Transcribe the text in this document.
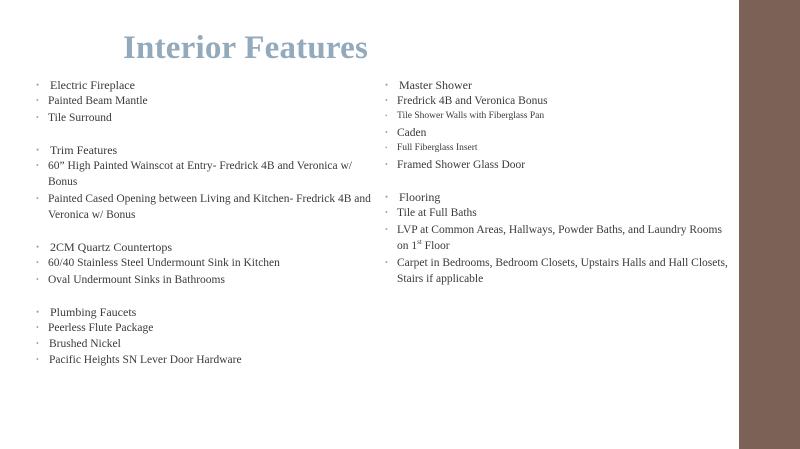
Interior Features
• Electric Fireplace
• Painted Beam Mantle
• Tile Surround
• Trim Features
• 60” High Painted Wainscot at Entry- Fredrick 4B and Veronica w/ Bonus
• Painted Cased Opening between Living and Kitchen- Fredrick 4B and Veronica w/ Bonus
• 2CM Quartz Countertops
• 60/40 Stainless Steel Undermount Sink in Kitchen
• Oval Undermount Sinks in Bathrooms
• Plumbing Faucets
• Peerless Flute Package
• Brushed Nickel
• Pacific Heights SN Lever Door Hardware
• Master Shower
• Fredrick 4B and Veronica Bonus
•	Tile Shower Walls with Fiberglass Pan
• Caden
•	Full Fiberglass Insert
• Framed Shower Glass Door
• Flooring
• Tile at Full Baths
• LVP at Common Areas, Hallways, Powder Baths, and Laundry Rooms on 1st Floor
• Carpet in Bedrooms, Bedroom Closets, Upstairs Halls and Hall Closets, Stairs if applicable
